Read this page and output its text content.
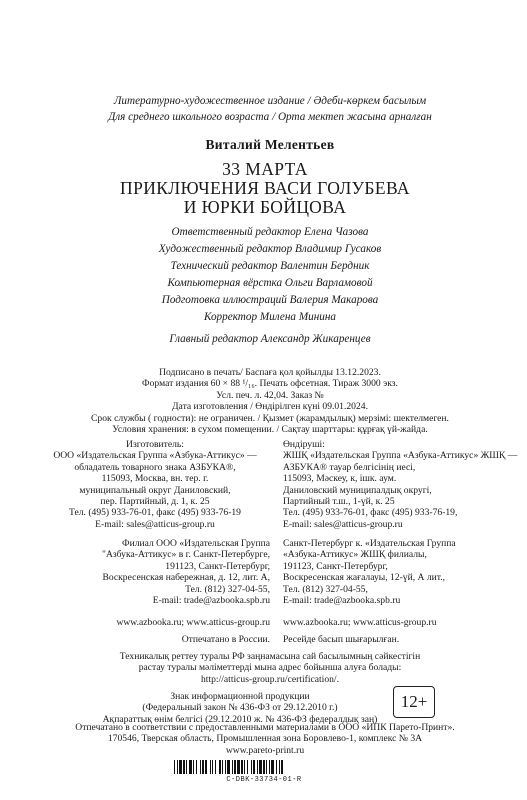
Литературно-художественное издание / Әдеби-көркем басылым
Для среднего школьного возраста / Орта мектеп жасына арналған
Виталий Мелентьев
33 МАРТА
ПРИКЛЮЧЕНИЯ ВАСИ ГОЛУБЕВА
И ЮРКИ БОЙЦОВА
Ответственный редактор Елена Чазова
Художественный редактор Владимир Гусаков
Технический редактор Валентин Бердник
Компьютерная вёрстка Ольги Варламовой
Подготовка иллюстраций Валерия Макарова
Корректор Милена Минина
Главный редактор Александр Жикаренцев
Подписано в печать/ Баспаға қол қойылды 13.12.2023.
Формат издания 60 × 88 ¹/₁₆. Печать офсетная. Тираж 3000 экз.
Усл. печ. л. 42,04. Заказ №
Дата изготовления / Өндірілген күні 09.01.2024.
Срок службы ( годности): не ограничен. / Қызмет (жарамдылық) мерзімі: шектелмеген.
Условия хранения: в сухом помещении. / Сақтау шарттары: құрғақ үй-жайда.
Изготовитель:
ООО «Издательская Группа «Азбука-Аттикус» —
обладатель товарного знака АЗБУКА®,
115093, Москва, вн. тер. г.
муниципальный округ Даниловский,
пер. Партийный, д. 1, к. 25
Тел. (495) 933-76-01, факс (495) 933-76-19
E-mail: sales@atticus-group.ru
Өндіруші:
ЖШҚ «Издательская Группа «Азбука-Аттикус» ЖШҚ —
АЗБУКА® тауар белгісінің иесі,
115093, Мәскеу, к, ішк. аум.
Даниловский муниципалдық округі,
Партийный т.ш., 1-үй, к. 25
Тел. (495) 933-76-01, факс (495) 933-76-19,
E-mail: sales@atticus-group.ru
Филиал ООО «Издательская Группа
"Азбука-Аттикус» в г. Санкт-Петербурге,
191123, Санкт-Петербург,
Воскресенская набережная, д. 12, лит. А,
Тел. (812) 327-04-55,
E-mail: trade@azbooka.spb.ru
Санкт-Петербург к. «Издательская Группа
«Азбука-Аттикус» ЖШҚ филиалы,
191123, Санкт-Петербург,
Воскресенская жағалауы, 12-үй, А лит.,
Тел. (812) 327-04-55,
E-mail: trade@azbooka.spb.ru
www.azbooka.ru; www.atticus-group.ru www.azbooka.ru; www.atticus-group.ru
Отпечатано в России. Ресейде басып шығарылған.
Техникалық реттеу туралы РФ заңнамасына сай басылымның сәйкестігін
растау туралы мәліметтерді мына адрес бойынша алуға болады:
http://atticus-group.ru/certification/.
Знак информационной продукции
(Федеральный закон № 436-ФЗ от 29.12.2010 г.)
Ақпараттық өнім белгісі (29.12.2010 ж. № 436-ФЗ федералдық заң)
12+
Отпечатано в соответствии с предоставленными материалами в ООО «ИПК Парето-Принт».
170546, Тверская область, Промышленная зона Боровлево-1, комплекс № 3А
www.pareto-print.ru
С-DBK-33734-01-R
